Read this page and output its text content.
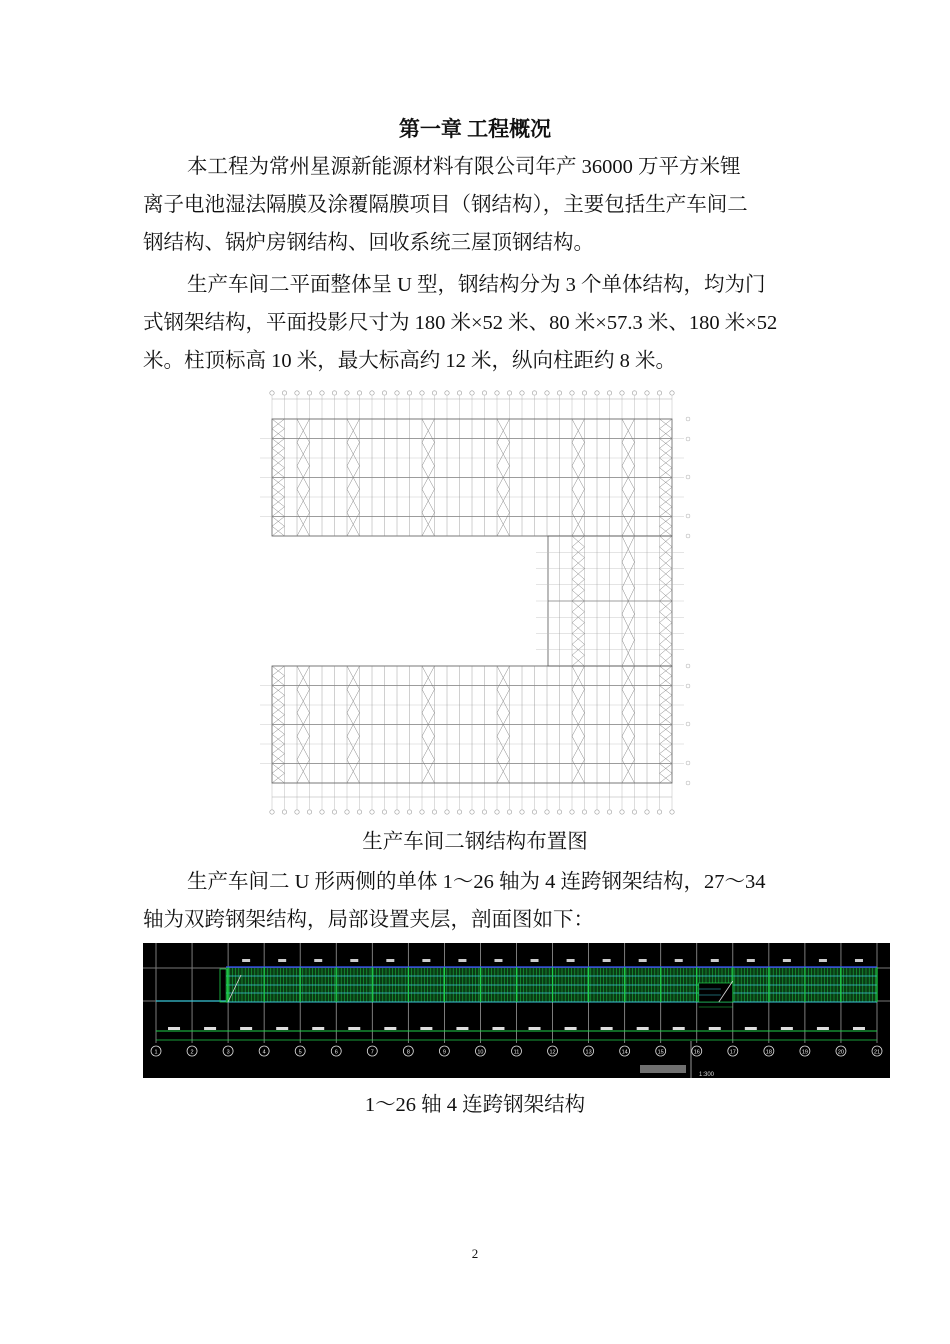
第一章 工程概况
本工程为常州星源新能源材料有限公司年产 36000 万平方米锂
离子电池湿法隔膜及涂覆隔膜项目（钢结构），主要包括生产车间二
钢结构、锅炉房钢结构、回收系统三屋顶钢结构。
生产车间二平面整体呈 U 型，钢结构分为 3 个单体结构，均为门
式钢架结构，平面投影尺寸为 180 米×52 米、80 米×57.3 米、180 米×52
米。柱顶标高 10 米，最大标高约 12 米，纵向柱距约 8 米。
生产车间二钢结构布置图
生产车间二 U 形两侧的单体 1～26 轴为 4 连跨钢架结构，27～34
轴为双跨钢架结构，局部设置夹层，剖面图如下：
1	2	3	4	5	6	7	8	9	10	11	12	13	14	15	16	17	18	19	20	21
1:300
1～26 轴 4 连跨钢架结构
2
